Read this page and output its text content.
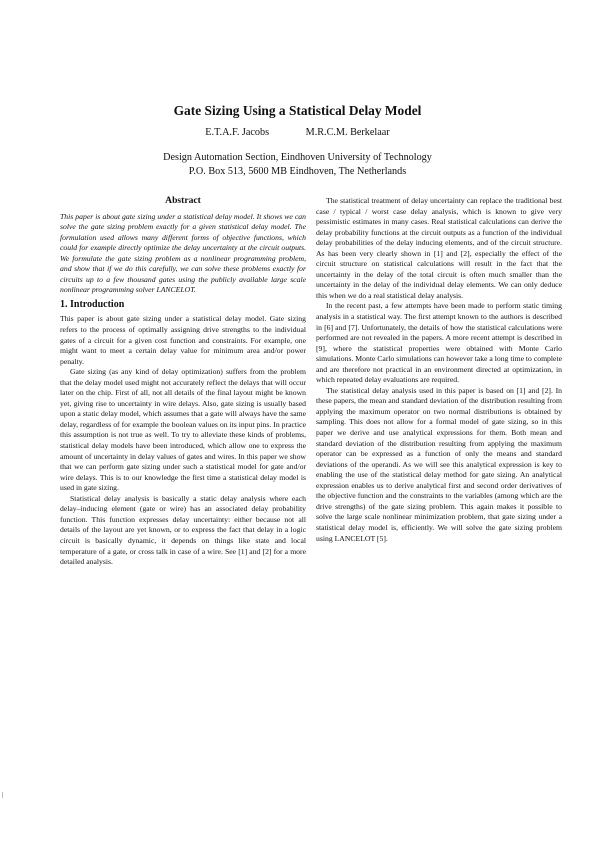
Gate Sizing Using a Statistical Delay Model
E.T.A.F. Jacobs	M.R.C.M. Berkelaar
Design Automation Section, Eindhoven University of Technology
P.O. Box 513, 5600 MB Eindhoven, The Netherlands
Abstract

This paper is about gate sizing under a statistical delay model. It shows we can solve the gate sizing problem exactly for a given statistical delay model. The formulation used allows many different forms of objective functions, which could for example directly optimize the delay uncertainty at the circuit outputs. We formulate the gate sizing problem as a nonlinear programming problem, and show that if we do this carefully, we can solve these problems exactly for circuits up to a few thousand gates using the publicly available large scale nonlinear programming solver LANCELOT.

1. Introduction

This paper is about gate sizing under a statistical delay model. Gate sizing refers to the process of optimally assigning drive strengths to the individual gates of a circuit for a given cost function and constraints. For example, one might want to meet a certain delay value for minimum area and/or power penalty.

Gate sizing (as any kind of delay optimization) suffers from the problem that the delay model used might not accurately reflect the delays that will occur later on the chip. First of all, not all details of the final layout might be known yet, giving rise to uncertainty in wire delays. Also, gate sizing is usually based upon a static delay model, which assumes that a gate will always have the same delay, regardless of for example the boolean values on its input pins. In practice this assumption is not true as well. To try to alleviate these kinds of problems, statistical delay models have been introduced, which allow one to express the amount of uncertainty in delay values of gates and wires. In this paper we show that we can perform gate sizing under such a statistical model for gate and/or wire delays. This is to our knowledge the first time a statistical delay model is used in gate sizing.

Statistical delay analysis is basically a static delay analysis where each delay–inducing element (gate or wire) has an associated delay probability function. This function expresses delay uncertainty: either because not all details of the layout are yet known, or to express the fact that delay in a logic circuit is basically dynamic, it depends on things like state and local temperature of a gate, or cross talk in case of a wire. See [1] and [2] for a more detailed analysis.

The statistical treatment of delay uncertainty can replace the traditional best case / typical / worst case delay analysis, which is known to give very pessimistic estimates in many cases. Real statistical calculations can derive the delay probability functions at the circuit outputs as a function of the individual delay probabilities of the delay inducing elements, and of the circuit structure. As has been very clearly shown in [1] and [2], especially the effect of the circuit structure on statistical calculations will result in the fact that the uncertainty in the delay of the total circuit is often much smaller than the uncertainty in the delay of the individual delay elements. We can only deduce this when we do a real statistical delay analysis.

In the recent past, a few attempts have been made to perform static timing analysis in a statistical way. The first attempt known to the authors is described in [6] and [7]. Unfortunately, the details of how the statistical calculations were performed are not revealed in the papers. A more recent attempt is described in [9], where the statistical properties were obtained with Monte Carlo simulations. Monte Carlo simulations can however take a long time to complete and are therefore not practical in an environment directed at optimization, in which repeated delay evaluations are required.

The statistical delay analysis used in this paper is based on [1] and [2]. In these papers, the mean and standard deviation of the distribution resulting from applying the maximum operator on two normal distributions is obtained by sampling. This does not allow for a formal model of gate sizing, so in this paper we derive and use analytical expressions for them. Both mean and standard deviation of the distribution resulting from applying the maximum operator can be expressed as a function of only the means and standard deviations of the operandi. As we will see this analytical expression is key to enabling the use of the statistical delay method for gate sizing. An analytical expression enables us to derive analytical first and second order derivatives of the objective function and the constraints to the variables (among which are the drive strengths) of the gate sizing problem. This again makes it possible to solve the large scale nonlinear minimization problem, that gate sizing under a statistical delay model is, efficiently. We will solve the gate sizing problem using LANCELOT [5].
